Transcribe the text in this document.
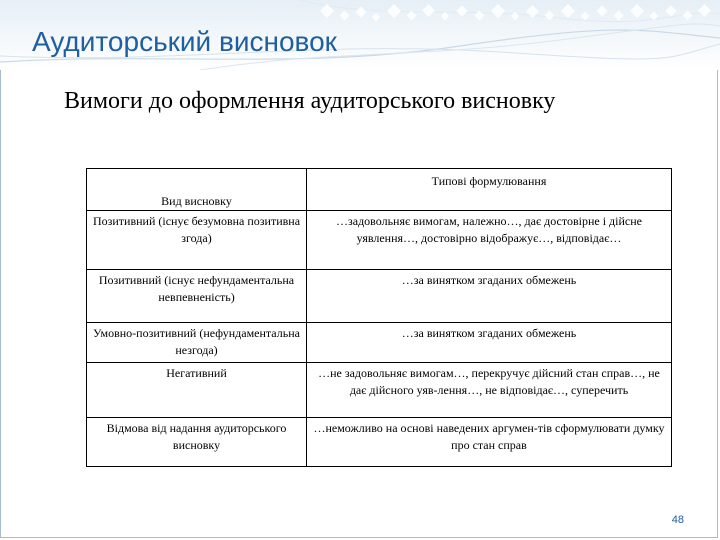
Аудиторський висновок
Вимоги до оформлення аудиторського висновку
Вид висновку	Типові формулювання
Позитивний (існує безумовна позитивна згода)	…задовольняє вимогам, належно…, дає достовірне і дійсне уявлення…, достовірно відображує…, відповідає…
Позитивний (існує нефундаментальна невпевненість)	…за винятком згаданих обмежень
Умовно-позитивний (нефундаментальна незгода)	…за винятком згаданих обмежень
Негативний	…не задовольняє вимогам…, перекручує дійсний стан справ…, не дає дійсного уяв-лення…, не відповідає…, суперечить
Відмова від надання аудиторського висновку	…неможливо на основі наведених аргумен-тів сформулювати думку про стан справ
48
